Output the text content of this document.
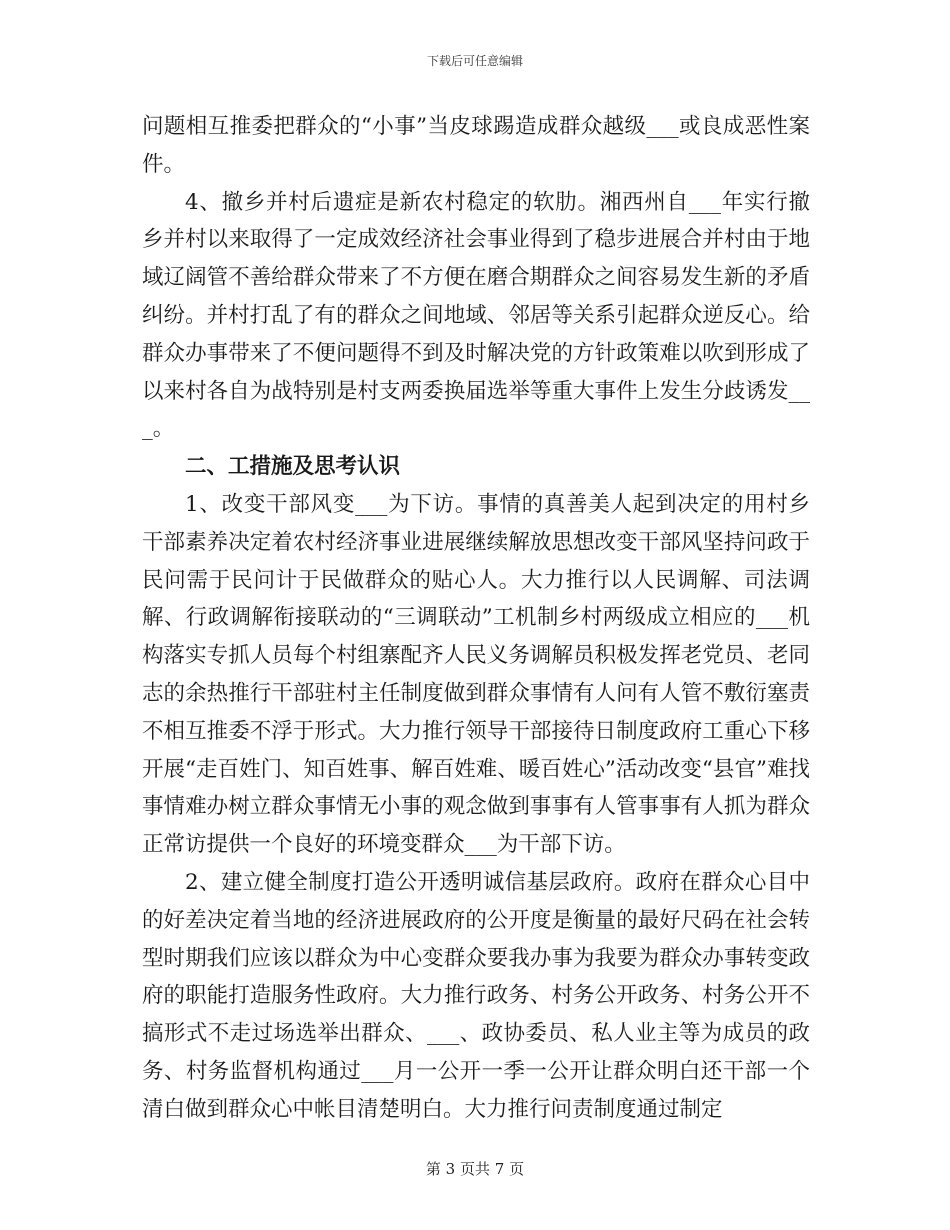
下载后可任意编辑

问题相互推委把群众的“小事”当皮球踢造成群众越级___或良成恶性案件。

4、撤乡并村后遗症是新农村稳定的软肋。湘西州自___年实行撤乡并村以来取得了一定成效经济社会事业得到了稳步进展合并村由于地域辽阔管不善给群众带来了不方便在磨合期群众之间容易发生新的矛盾纠纷。并村打乱了有的群众之间地域、邻居等关系引起群众逆反心。给群众办事带来了不便问题得不到及时解决党的方针政策难以吹到形成了以来村各自为战特别是村支两委换届选举等重大事件上发生分歧诱发___。

二、工措施及思考认识

1、改变干部风变___为下访。事情的真善美人起到决定的用村乡干部素养决定着农村经济事业进展继续解放思想改变干部风坚持问政于民问需于民问计于民做群众的贴心人。大力推行以人民调解、司法调解、行政调解衔接联动的“三调联动”工机制乡村两级成立相应的___机构落实专抓人员每个村组寨配齐人民义务调解员积极发挥老党员、老同志的余热推行干部驻村主任制度做到群众事情有人问有人管不敷衍塞责不相互推委不浮于形式。大力推行领导干部接待日制度政府工重心下移开展“走百姓门、知百姓事、解百姓难、暖百姓心”活动改变“县官”难找事情难办树立群众事情无小事的观念做到事事有人管事事有人抓为群众正常访提供一个良好的环境变群众___为干部下访。

2、建立健全制度打造公开透明诚信基层政府。政府在群众心目中的好差决定着当地的经济进展政府的公开度是衡量的最好尺码在社会转型时期我们应该以群众为中心变群众要我办事为我要为群众办事转变政府的职能打造服务性政府。大力推行政务、村务公开政务、村务公开不搞形式不走过场选举出群众、___、政协委员、私人业主等为成员的政务、村务监督机构通过___月一公开一季一公开让群众明白还干部一个清白做到群众心中帐目清楚明白。大力推行问责制度通过制定

第 3 页共 7 页
